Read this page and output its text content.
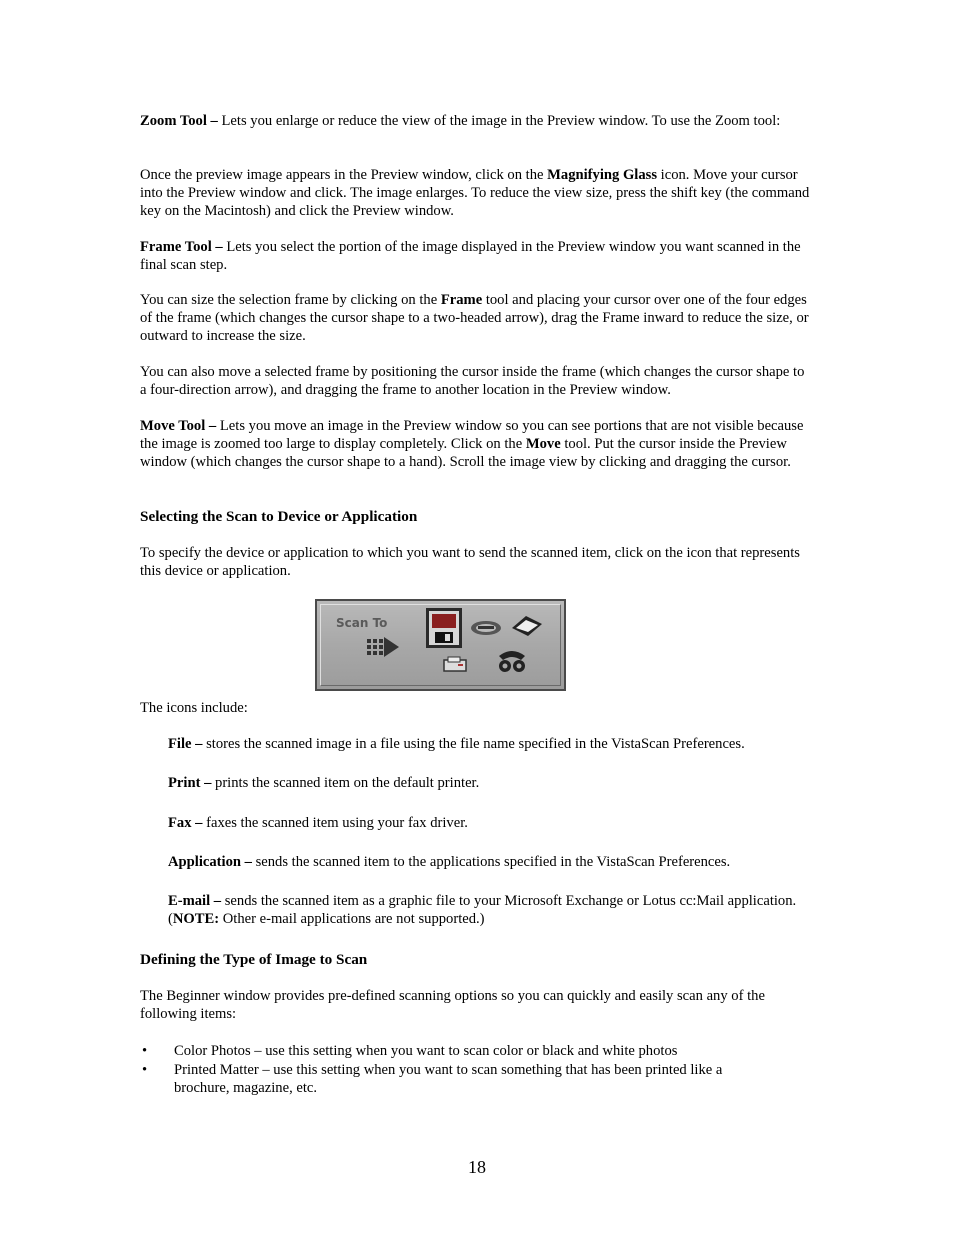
Zoom Tool – Lets you enlarge or reduce the view of the image in the Preview window. To use the Zoom tool:

Once the preview image appears in the Preview window, click on the Magnifying Glass icon. Move your cursor into the Preview window and click. The image enlarges. To reduce the view size, press the shift key (the command key on the Macintosh) and click the Preview window.

Frame Tool – Lets you select the portion of the image displayed in the Preview window you want scanned in the final scan step.

You can size the selection frame by clicking on the Frame tool and placing your cursor over one of the four edges of the frame (which changes the cursor shape to a two-headed arrow), drag the Frame inward to reduce the size, or outward to increase the size.

You can also move a selected frame by positioning the cursor inside the frame (which changes the cursor shape to a four-direction arrow), and dragging the frame to another location in the Preview window.

Move Tool – Lets you move an image in the Preview window so you can see portions that are not visible because the image is zoomed too large to display completely. Click on the Move tool. Put the cursor inside the Preview window (which changes the cursor shape to a hand). Scroll the image view by clicking and dragging the cursor.

Selecting the Scan to Device or Application

To specify the device or application to which you want to send the scanned item, click on the icon that represents this device or application.

Scan To

The icons include:

File – stores the scanned image in a file using the file name specified in the VistaScan Preferences.

Print – prints the scanned item on the default printer.

Fax – faxes the scanned item using your fax driver.

Application – sends the scanned item to the applications specified in the VistaScan Preferences.

E-mail – sends the scanned item as a graphic file to your Microsoft Exchange or Lotus cc:Mail application. (NOTE: Other e-mail applications are not supported.)

Defining the Type of Image to Scan

The Beginner window provides pre-defined scanning options so you can quickly and easily scan any of the following items:

• Color Photos – use this setting when you want to scan color or black and white photos
• Printed Matter – use this setting when you want to scan something that has been printed like a brochure, magazine, etc.
18
